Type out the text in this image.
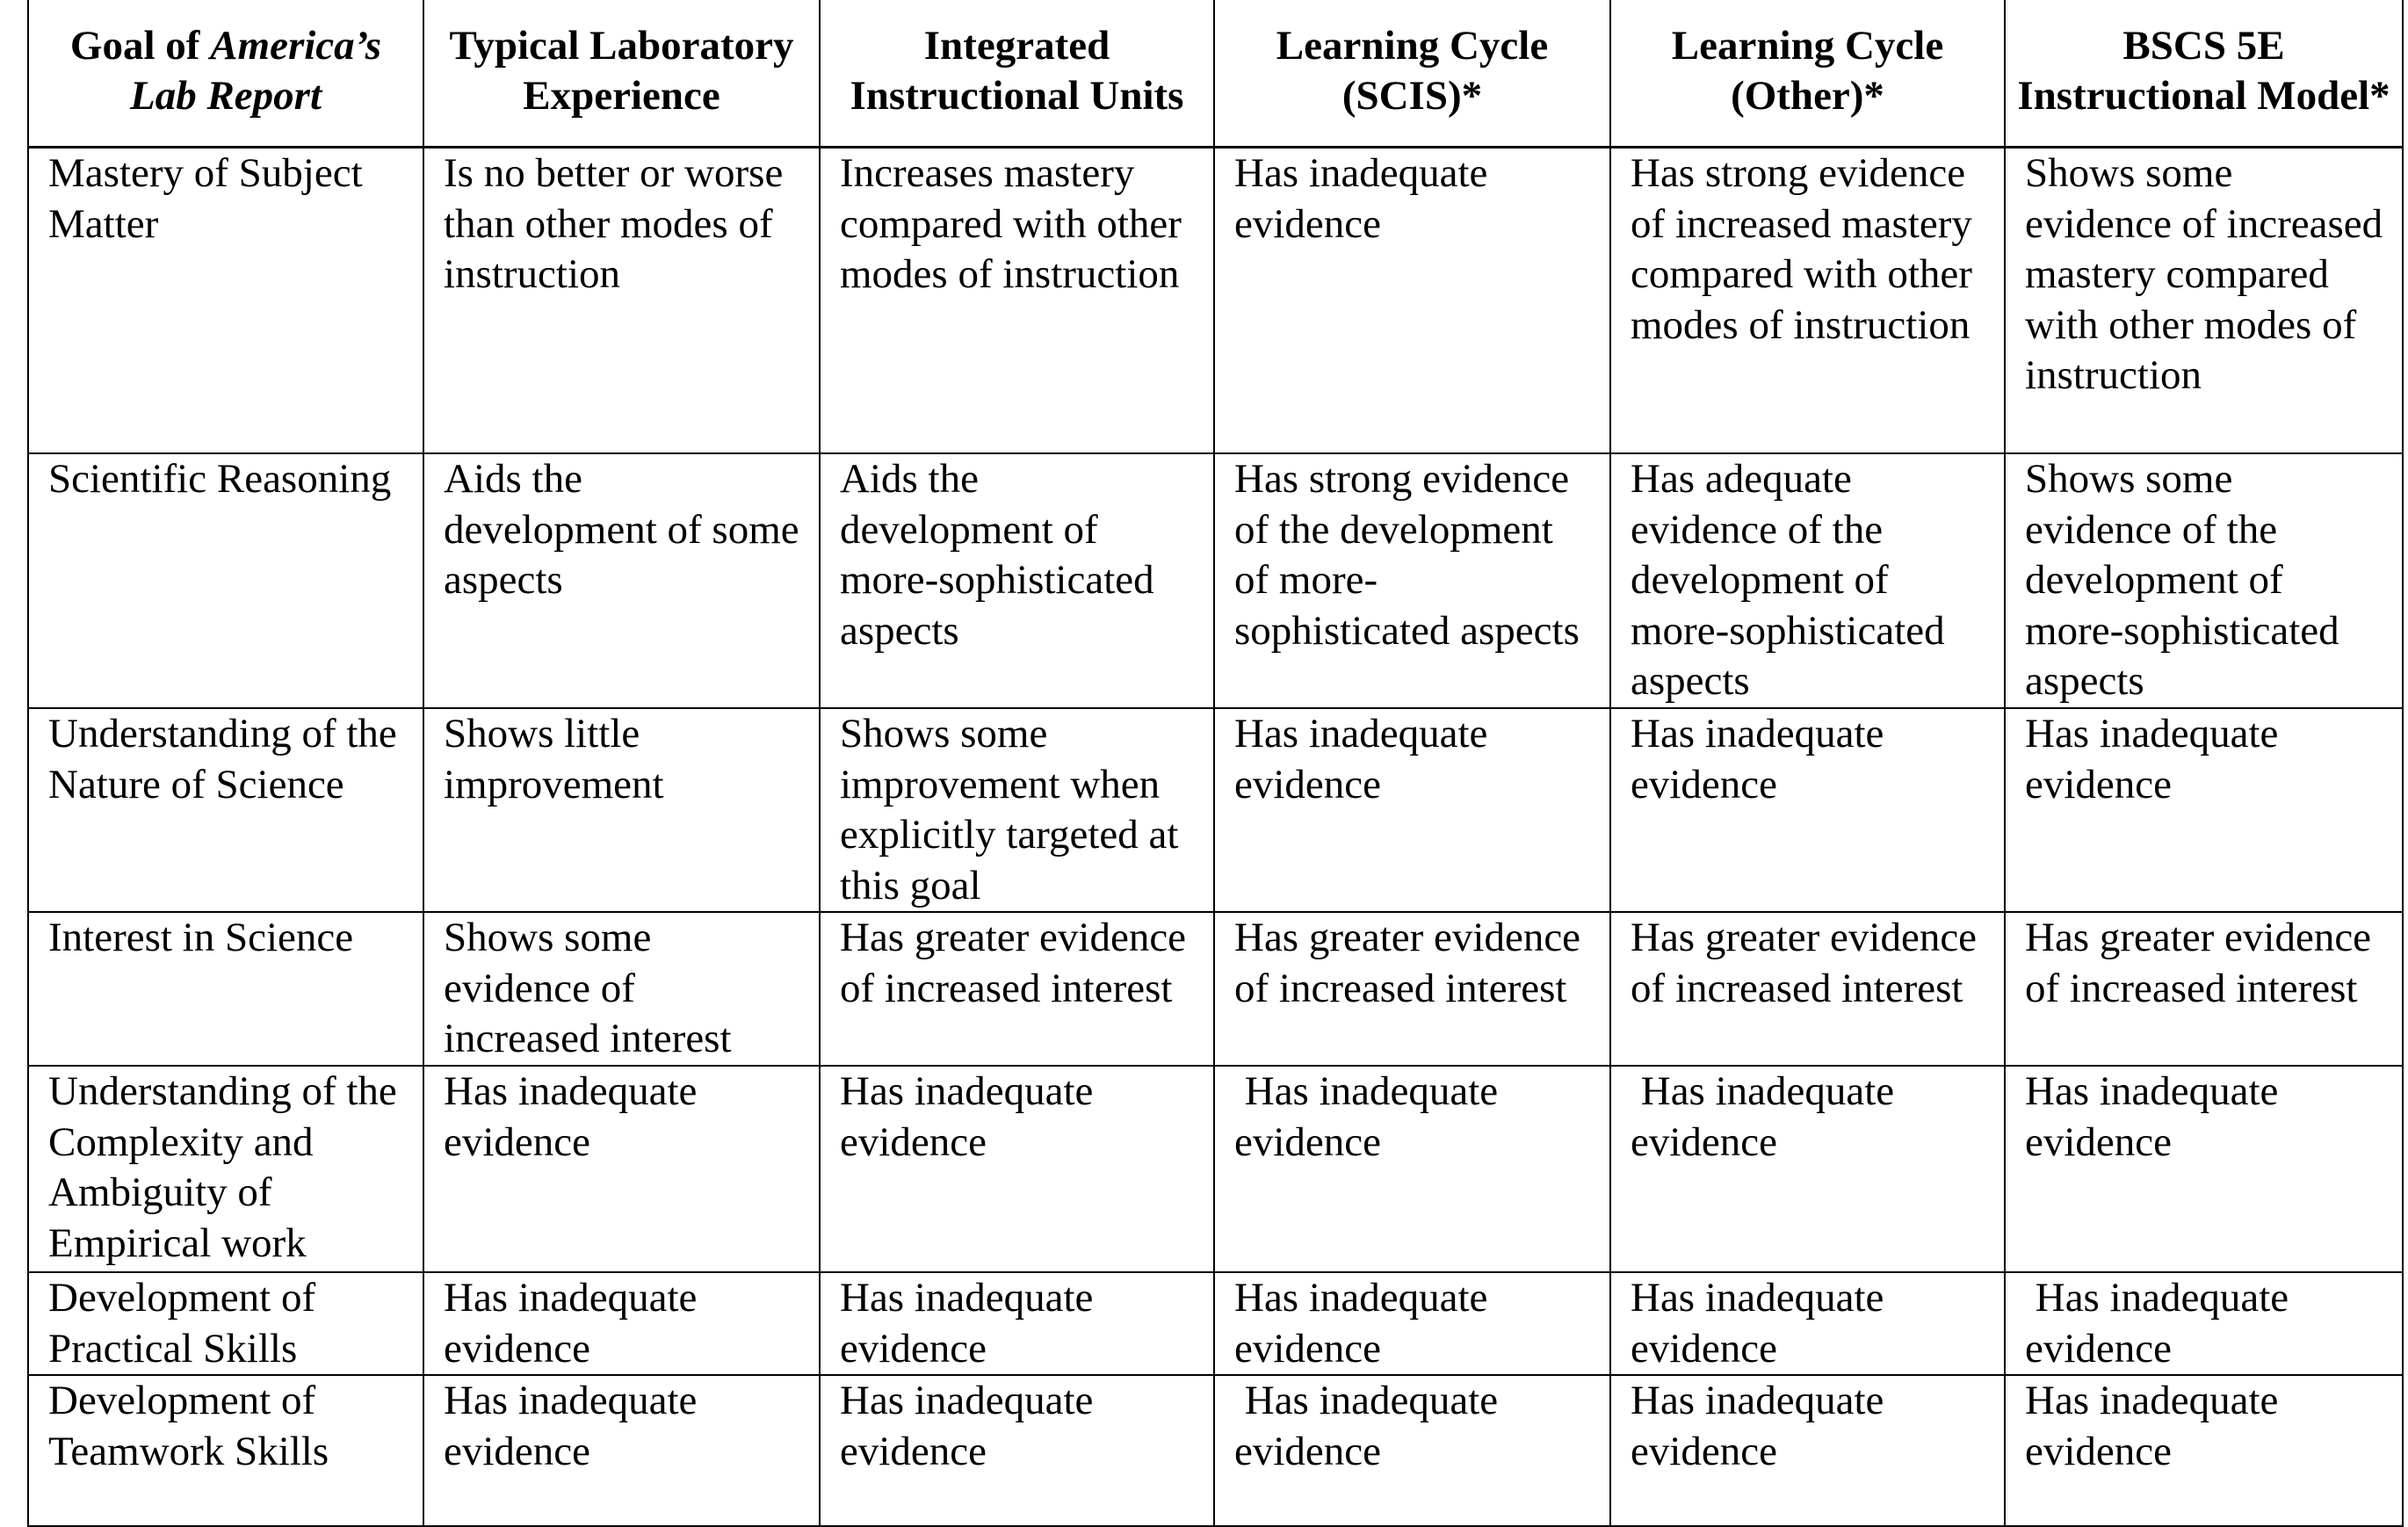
Goal of America’s Lab Report	Typical Laboratory Experience	Integrated Instructional Units	Learning Cycle (SCIS)*	Learning Cycle (Other)*	BSCS 5E Instructional Model*
Mastery of Subject Matter	Is no better or worse than other modes of instruction	Increases mastery compared with other modes of instruction	Has inadequate evidence	Has strong evidence of increased mastery compared with other modes of instruction	Shows some evidence of increased mastery compared with other modes of instruction
Scientific Reasoning	Aids the development of some aspects	Aids the development of more-sophisticated aspects	Has strong evidence of the development of more-sophisticated aspects	Has adequate evidence of the development of more-sophisticated aspects	Shows some evidence of the development of more-sophisticated aspects
Understanding of the Nature of Science	Shows little improvement	Shows some improvement when explicitly targeted at this goal	Has inadequate evidence	Has inadequate evidence	Has inadequate evidence
Interest in Science	Shows some evidence of increased interest	Has greater evidence of increased interest	Has greater evidence of increased interest	Has greater evidence of increased interest	Has greater evidence of increased interest
Understanding of the Complexity and Ambiguity of Empirical work	Has inadequate evidence	Has inadequate evidence	Has inadequate evidence	Has inadequate evidence	Has inadequate evidence
Development of Practical Skills	Has inadequate evidence	Has inadequate evidence	Has inadequate evidence	Has inadequate evidence	Has inadequate evidence
Development of Teamwork Skills	Has inadequate evidence	Has inadequate evidence	Has inadequate evidence	Has inadequate evidence	Has inadequate evidence
